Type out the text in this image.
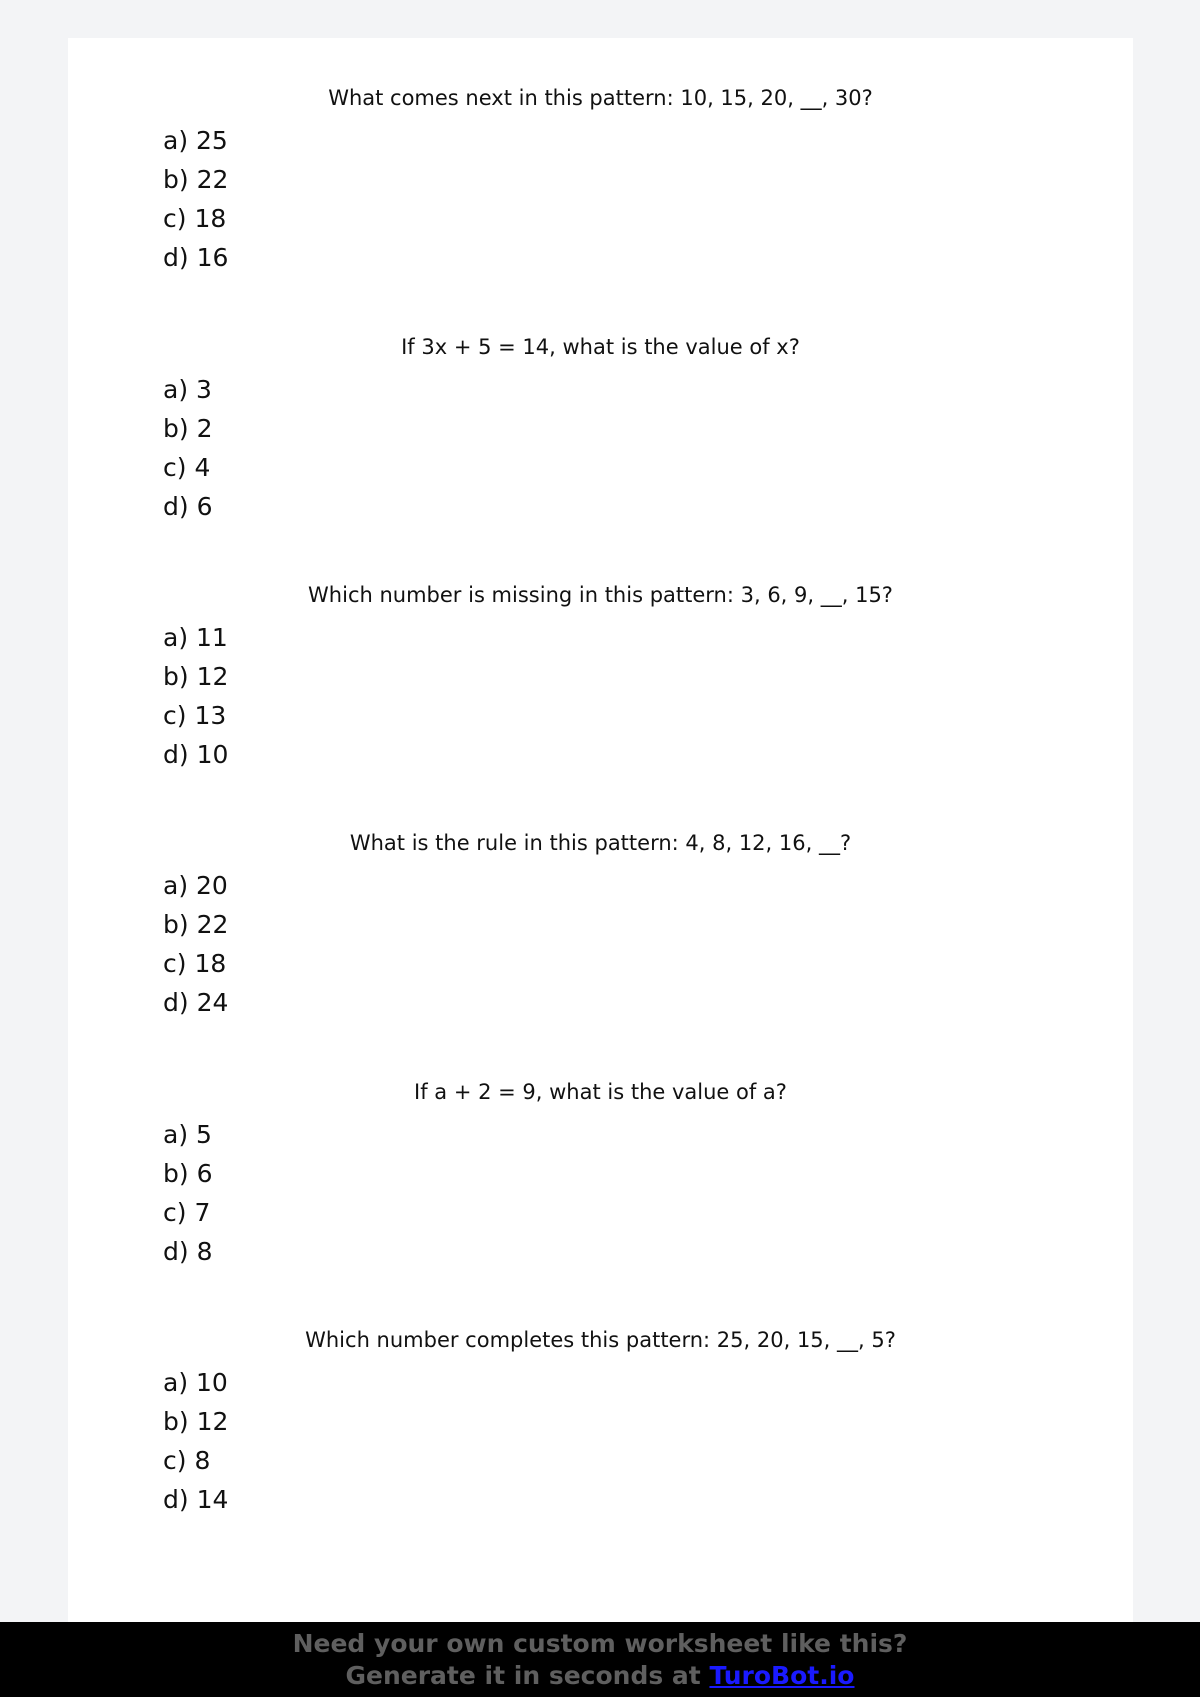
What comes next in this pattern: 10, 15, 20, __, 30?
a) 25
b) 22
c) 18
d) 16
If 3x + 5 = 14, what is the value of x?
a) 3
b) 2
c) 4
d) 6
Which number is missing in this pattern: 3, 6, 9, __, 15?
a) 11
b) 12
c) 13
d) 10
What is the rule in this pattern: 4, 8, 12, 16, __?
a) 20
b) 22
c) 18
d) 24
If a + 2 = 9, what is the value of a?
a) 5
b) 6
c) 7
d) 8
Which number completes this pattern: 25, 20, 15, __, 5?
a) 10
b) 12
c) 8
d) 14
Need your own custom worksheet like this?
Generate it in seconds at TuroBot.io
